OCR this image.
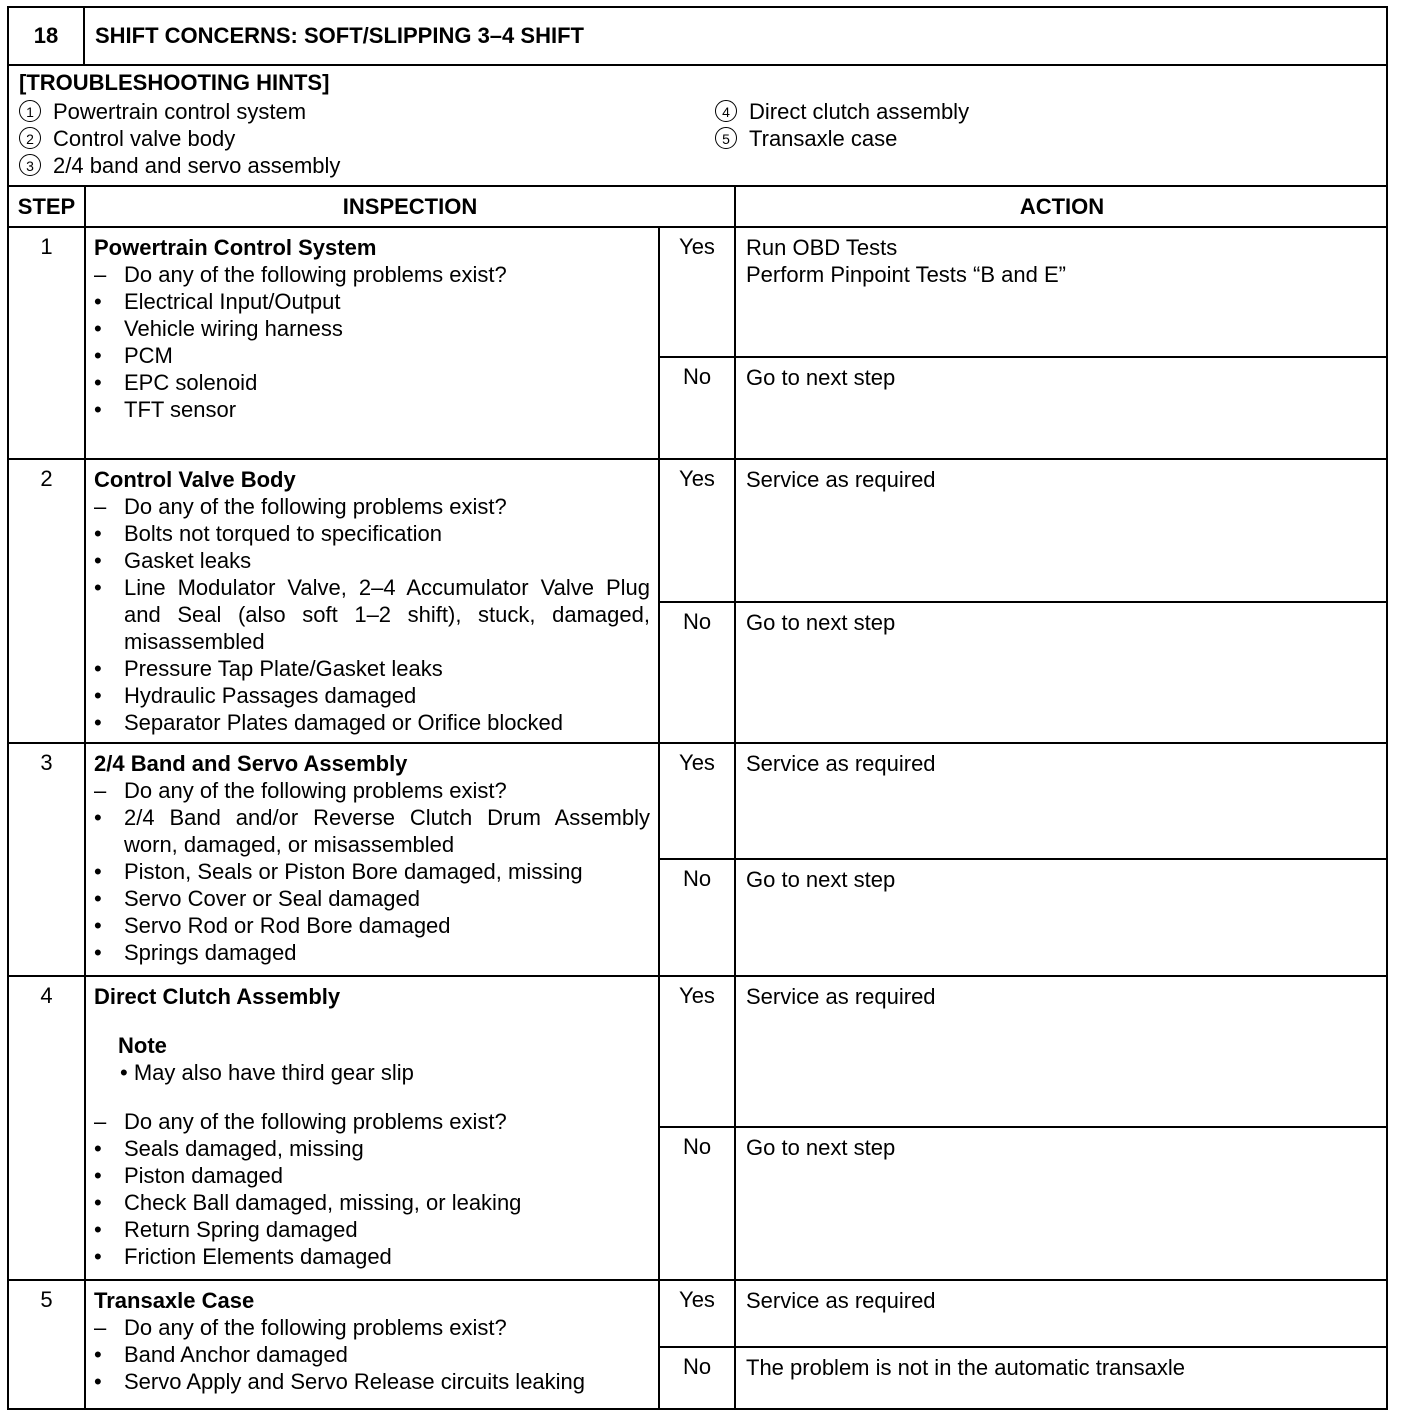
18	SHIFT CONCERNS: SOFT/SLIPPING 3–4 SHIFT
[TROUBLESHOOTING HINTS]
1 Powertrain control system
2 Control valve body
3 2/4 band and servo assembly
4 Direct clutch assembly
5 Transaxle case
STEP	INSPECTION	ACTION
1	Powertrain Control System
– Do any of the following problems exist?
•	Electrical Input/Output
•	Vehicle wiring harness
•	PCM
•	EPC solenoid
•	TFT sensor
Yes	Run OBD Tests
Perform Pinpoint Tests “B and E”
No	Go to next step
2	Control Valve Body
– Do any of the following problems exist?
•	Bolts not torqued to specification
•	Gasket leaks
•	Line Modulator Valve, 2–4 Accumulator Valve Plug and Seal (also soft 1–2 shift), stuck, damaged, misassembled
•	Pressure Tap Plate/Gasket leaks
•	Hydraulic Passages damaged
•	Separator Plates damaged or Orifice blocked
Yes	Service as required
No	Go to next step
3	2/4 Band and Servo Assembly
– Do any of the following problems exist?
•	2/4 Band and/or Reverse Clutch Drum Assembly worn, damaged, or misassembled
•	Piston, Seals or Piston Bore damaged, missing
•	Servo Cover or Seal damaged
•	Servo Rod or Rod Bore damaged
•	Springs damaged
Yes	Service as required
No	Go to next step
4	Direct Clutch Assembly
Note
• May also have third gear slip
– Do any of the following problems exist?
•	Seals damaged, missing
•	Piston damaged
•	Check Ball damaged, missing, or leaking
•	Return Spring damaged
•	Friction Elements damaged
Yes	Service as required
No	Go to next step
5	Transaxle Case
– Do any of the following problems exist?
•	Band Anchor damaged
•	Servo Apply and Servo Release circuits leaking
Yes	Service as required
No	The problem is not in the automatic transaxle
